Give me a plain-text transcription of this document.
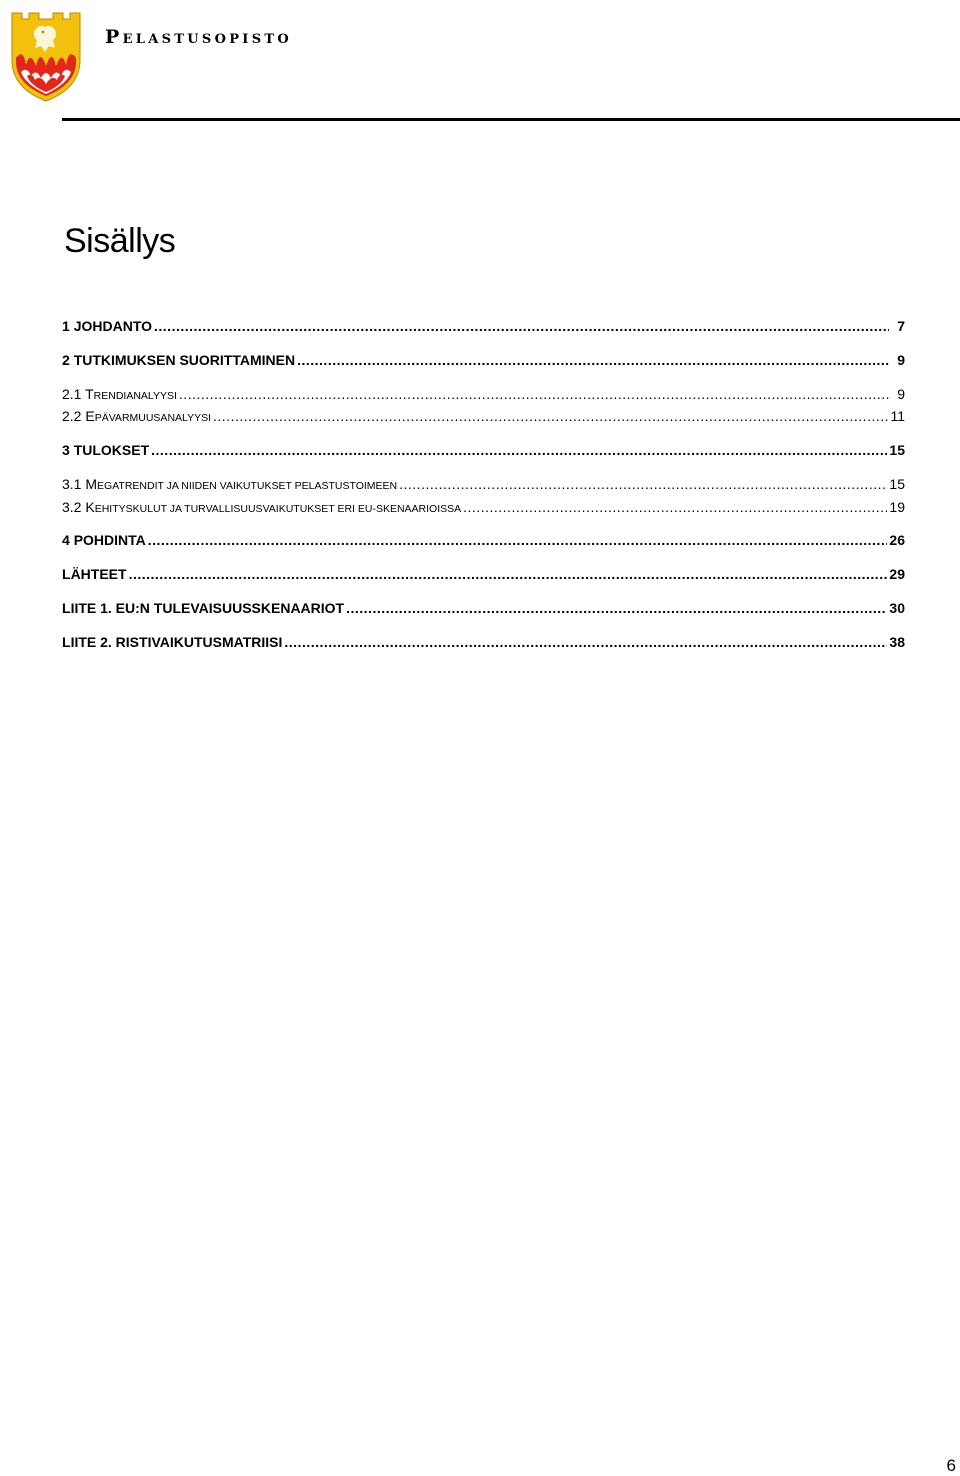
Pelastusopisto
Sisällys
1 JOHDANTO .....	7
2 TUTKIMUKSEN SUORITTAMINEN .....	9
2.1 TRENDIANALYYSI .....	9
2.2 EPÄVARMUUSANALYYSI .....	11
3 TULOKSET .....	15
3.1 MEGATRENDIT JA NIIDEN VAIKUTUKSET PELASTUSTOIMEEN .....	15
3.2 KEHITYSKULUT JA TURVALLISUUSVAIKUTUKSET ERI EU-SKENAARIOISSA .....	19
4 POHDINTA .....	26
LÄHTEET .....	29
LIITE 1. EU:N TULEVAISUUSSKENAARIOT .....	30
LIITE 2. RISTIVAIKUTUSMATRIISI .....	38
6
